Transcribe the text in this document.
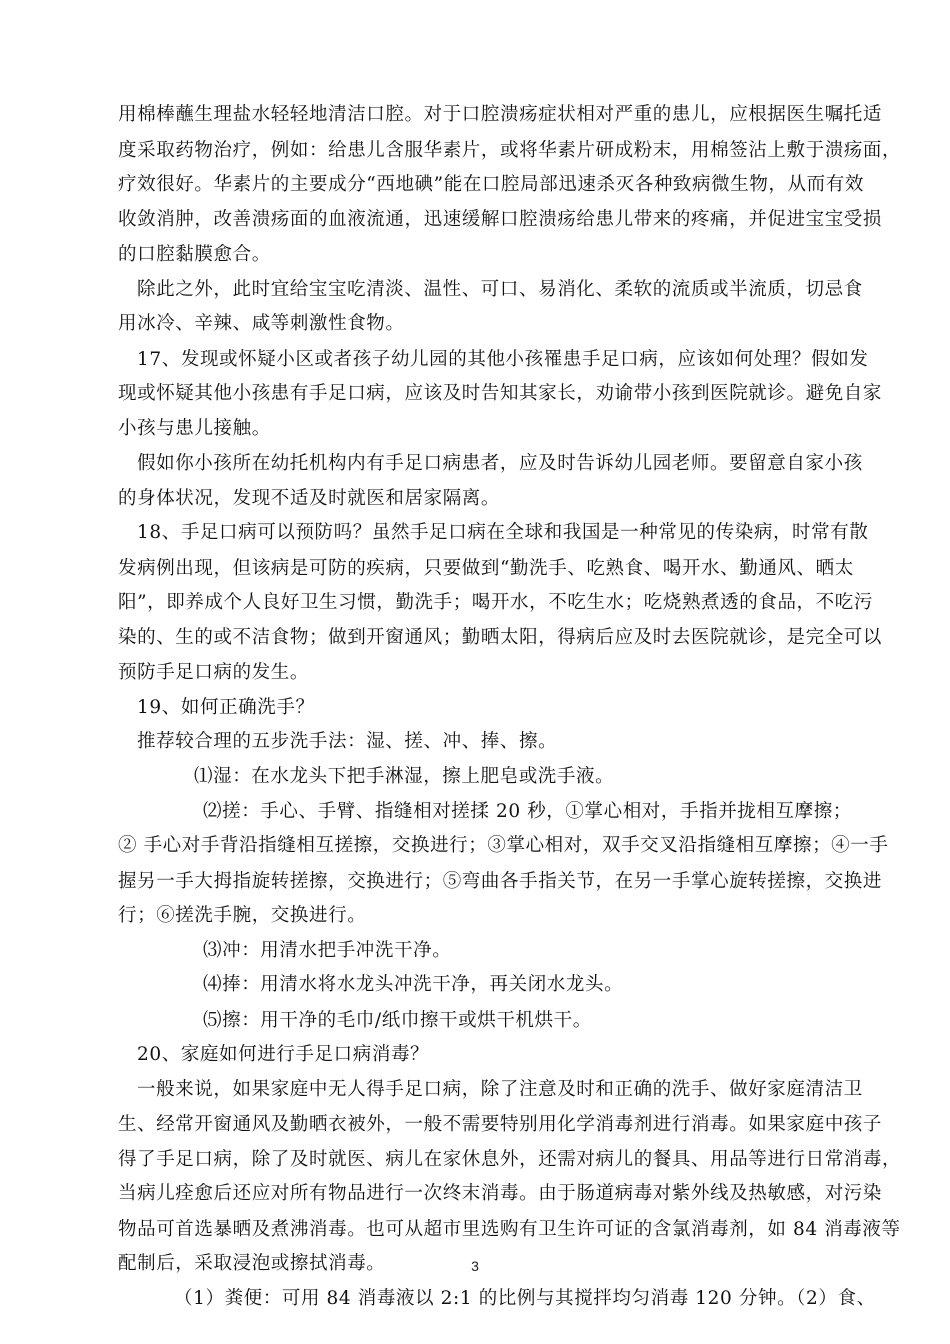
用棉棒蘸生理盐水轻轻地清洁口腔。对于口腔溃疡症状相对严重的患儿，应根据医生嘱托适
度采取药物治疗，例如：给患儿含服华素片，或将华素片研成粉末，用棉签沾上敷于溃疡面，
疗效很好。华素片的主要成分“西地碘”能在口腔局部迅速杀灭各种致病微生物，从而有效
收敛消肿，改善溃疡面的血液流通，迅速缓解口腔溃疡给患儿带来的疼痛，并促进宝宝受损
的口腔黏膜愈合。
除此之外，此时宜给宝宝吃清淡、温性、可口、易消化、柔软的流质或半流质，切忌食
用冰冷、辛辣、咸等刺激性食物。
17、发现或怀疑小区或者孩子幼儿园的其他小孩罹患手足口病，应该如何处理？假如发
现或怀疑其他小孩患有手足口病，应该及时告知其家长，劝谕带小孩到医院就诊。避免自家
小孩与患儿接触。
假如你小孩所在幼托机构内有手足口病患者，应及时告诉幼儿园老师。要留意自家小孩
的身体状况，发现不适及时就医和居家隔离。
18、手足口病可以预防吗？虽然手足口病在全球和我国是一种常见的传染病，时常有散
发病例出现，但该病是可防的疾病，只要做到“勤洗手、吃熟食、喝开水、勤通风、晒太
阳”，即养成个人良好卫生习惯，勤洗手；喝开水，不吃生水；吃烧熟煮透的食品，不吃污
染的、生的或不洁食物；做到开窗通风；勤晒太阳，得病后应及时去医院就诊，是完全可以
预防手足口病的发生。
19、如何正确洗手？
推荐较合理的五步洗手法：湿、搓、冲、捧、擦。
⑴湿：在水龙头下把手淋湿，擦上肥皂或洗手液。
⑵搓：手心、手臂、指缝相对搓揉 20 秒，①掌心相对，手指并拢相互摩擦；
② 手心对手背沿指缝相互搓擦，交换进行；③掌心相对，双手交叉沿指缝相互摩擦；④一手
握另一手大拇指旋转搓擦，交换进行；⑤弯曲各手指关节，在另一手掌心旋转搓擦，交换进
行；⑥搓洗手腕，交换进行。
⑶冲：用清水把手冲洗干净。
⑷捧：用清水将水龙头冲洗干净，再关闭水龙头。
⑸擦：用干净的毛巾/纸巾擦干或烘干机烘干。
20、家庭如何进行手足口病消毒？
一般来说，如果家庭中无人得手足口病，除了注意及时和正确的洗手、做好家庭清洁卫
生、经常开窗通风及勤晒衣被外，一般不需要特别用化学消毒剂进行消毒。如果家庭中孩子
得了手足口病，除了及时就医、病儿在家休息外，还需对病儿的餐具、用品等进行日常消毒，
当病儿痊愈后还应对所有物品进行一次终末消毒。由于肠道病毒对紫外线及热敏感，对污染
物品可首选暴晒及煮沸消毒。也可从超市里选购有卫生许可证的含氯消毒剂，如 84 消毒液等
配制后，采取浸泡或擦拭消毒。
（1）粪便：可用 84 消毒液以 2:1 的比例与其搅拌均匀消毒 120 分钟。（2）食、
3
